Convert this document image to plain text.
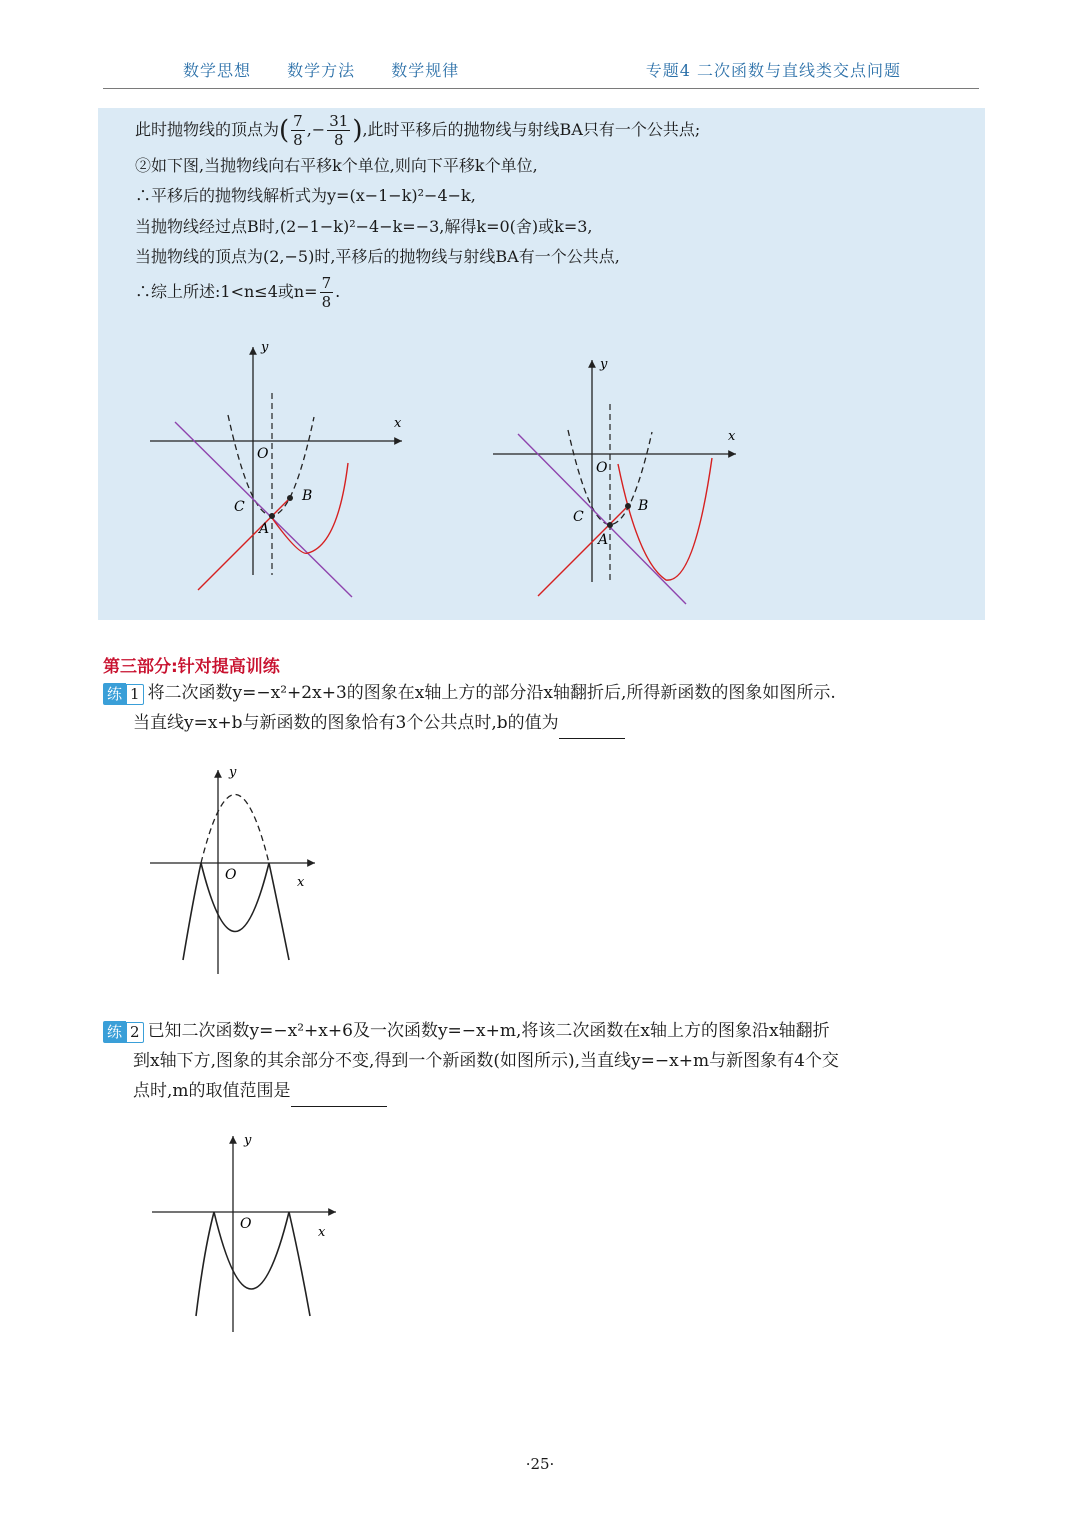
数学思想 数学方法 数学规律	专题4 二次函数与直线类交点问题
此时抛物线的顶点为( $\frac{7}{8}$ ,− $\frac{31}{8}$ ),此时平移后的抛物线与射线BA只有一个公共点;
②如下图,当抛物线向右平移k个单位,则向下平移k个单位,
∴平移后的抛物线解析式为y=(x−1−k)²−4−k,
当抛物线经过点B时,(2−1−k)²−4−k=−3,解得k=0(舍)或k=3,
当抛物线的顶点为(2,−5)时,平移后的抛物线与射线BA有一个公共点,
∴综上所述:1<n≤4或$n= \frac{7}{8}$ .
x
y
O
B
C
A
x
y
O
B
C
A
第三部分:针对提高训练
练 1 将二次函数y=−x²+2x+3的图象在x轴上方的部分沿x轴翻折后,所得新函数的图象如图所示.
当直线y=x+b与新函数的图象恰有3个公共点时,b的值为
x
y
O
练 2 已知二次函数y=−x²+x+6及一次函数y=−x+m,将该二次函数在x轴上方的图象沿x轴翻折
到x轴下方,图象的其余部分不变,得到一个新函数(如图所示),当直线y=−x+m与新图象有4个交
点时,m的取值范围是
x
y
O
·25·
